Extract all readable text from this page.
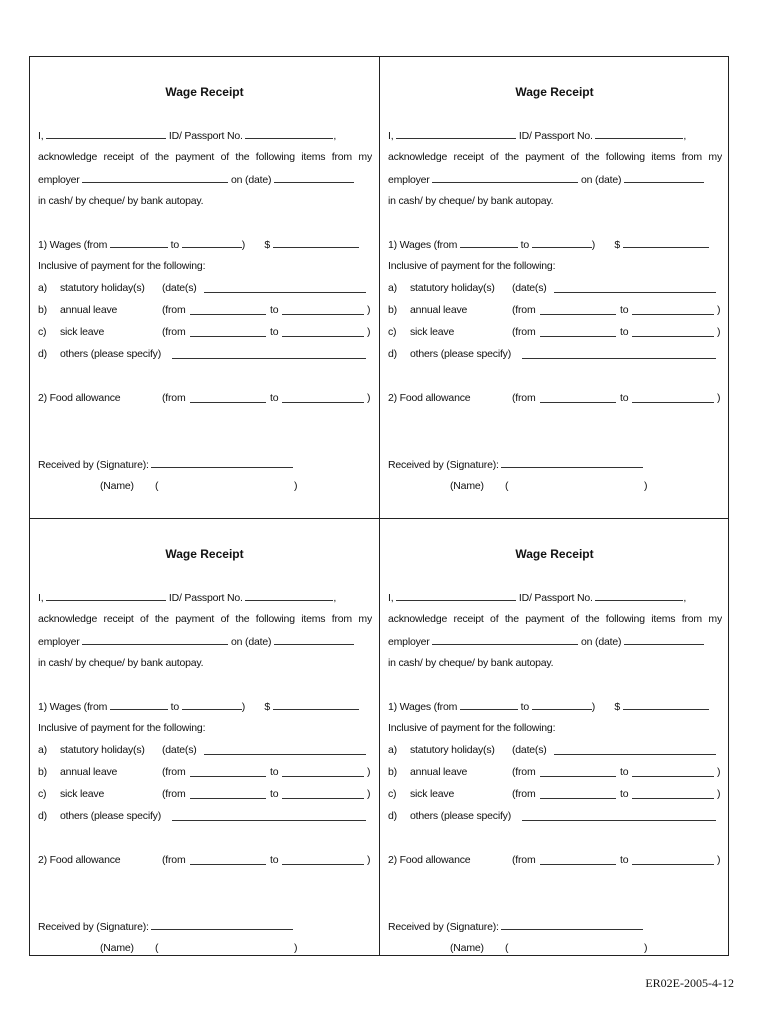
Wage Receipt
I,	ID/ Passport No.	,
acknowledge receipt of the payment of the following items from my
employer	on (date)
in cash/ by cheque/ by bank autopay.
1) Wages (from	to	) $
Inclusive of payment for the following:
a) statutory holiday(s) (date(s)
b) annual leave	(from	to	)
c) sick leave	(from	to	)
d) others (please specify)
2) Food allowance	(from	to	)
Received by (Signature):
(Name) (	)
Wage Receipt
I,	ID/ Passport No.	,
acknowledge receipt of the payment of the following items from my
employer	on (date)
in cash/ by cheque/ by bank autopay.
1) Wages (from	to	) $
Inclusive of payment for the following:
a) statutory holiday(s) (date(s)
b) annual leave	(from	to	)
c) sick leave	(from	to	)
d) others (please specify)
2) Food allowance	(from	to	)
Received by (Signature):
(Name) (	)
Wage Receipt
I,	ID/ Passport No.	,
acknowledge receipt of the payment of the following items from my
employer	on (date)
in cash/ by cheque/ by bank autopay.
1) Wages (from	to	) $
Inclusive of payment for the following:
a) statutory holiday(s) (date(s)
b) annual leave	(from	to	)
c) sick leave	(from	to	)
d) others (please specify)
2) Food allowance	(from	to	)
Received by (Signature):
(Name) (	)
Wage Receipt
I,	ID/ Passport No.	,
acknowledge receipt of the payment of the following items from my
employer	on (date)
in cash/ by cheque/ by bank autopay.
1) Wages (from	to	) $
Inclusive of payment for the following:
a) statutory holiday(s) (date(s)
b) annual leave	(from	to	)
c) sick leave	(from	to	)
d) others (please specify)
2) Food allowance	(from	to	)
Received by (Signature):
(Name) (	)
ER02E-2005-4-12
